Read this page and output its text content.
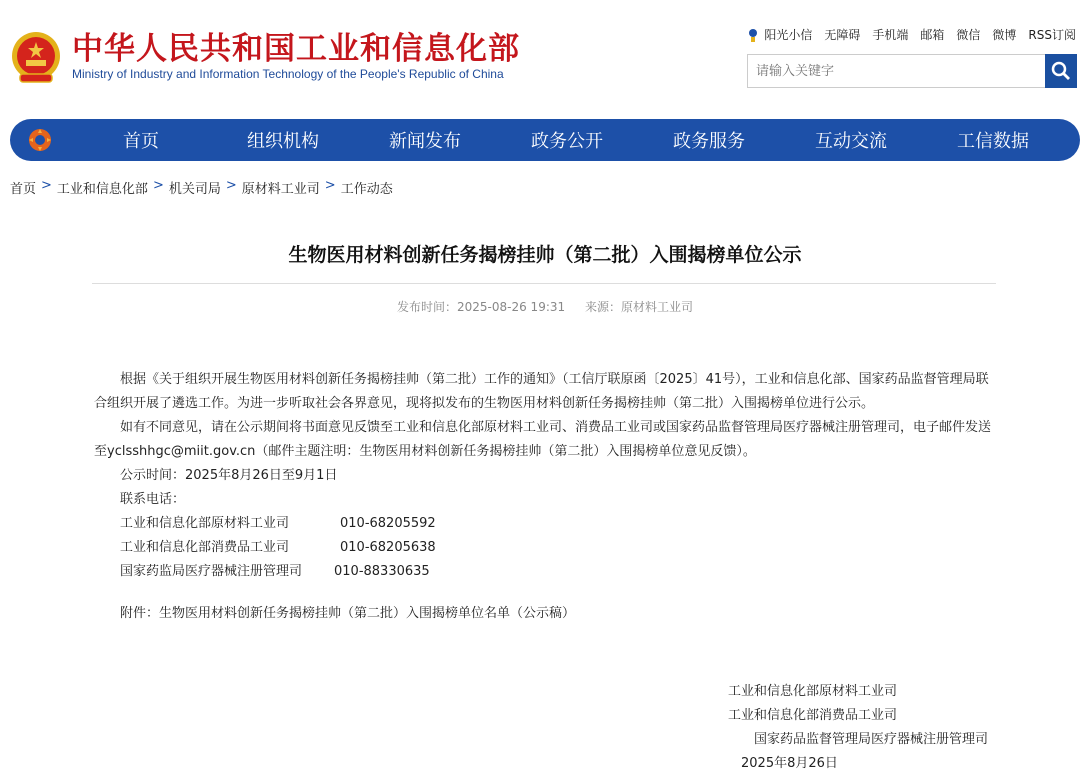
中华人民共和国工业和信息化部
Ministry of Industry and Information Technology of the People's Republic of China
阳光小信 无障碍 手机端 邮箱 微信 微博 RSS订阅
请输入关键字
首页	组织机构	新闻发布	政务公开	政务服务	互动交流	工信数据
首页 > 工业和信息化部 > 机关司局 > 原材料工业司 > 工作动态
生物医用材料创新任务揭榜挂帅（第二批）入围揭榜单位公示
发布时间：2025-08-26 19:31 来源：原材料工业司

根据《关于组织开展生物医用材料创新任务揭榜挂帅（第二批）工作的通知》（工信厅联原函〔2025〕41号），工业和信息化部、国家药品监督管理局联合组织开展了遴选工作。为进一步听取社会各界意见，现将拟发布的生物医用材料创新任务揭榜挂帅（第二批）入围揭榜单位进行公示。

如有不同意见，请在公示期间将书面意见反馈至工业和信息化部原材料工业司、消费品工业司或国家药品监督管理局医疗器械注册管理司，电子邮件发送至yclsshhgc@miit.gov.cn（邮件主题注明：生物医用材料创新任务揭榜挂帅（第二批）入围揭榜单位意见反馈）。

公示时间：2025年8月26日至9月1日

联系电话：

工业和信息化部原材料工业司	010-68205592
工业和信息化部消费品工业司	010-68205638
国家药监局医疗器械注册管理司	010-88330635

附件：生物医用材料创新任务揭榜挂帅（第二批）入围揭榜单位名单（公示稿）

工业和信息化部原材料工业司
工业和信息化部消费品工业司
国家药品监督管理局医疗器械注册管理司
2025年8月26日
